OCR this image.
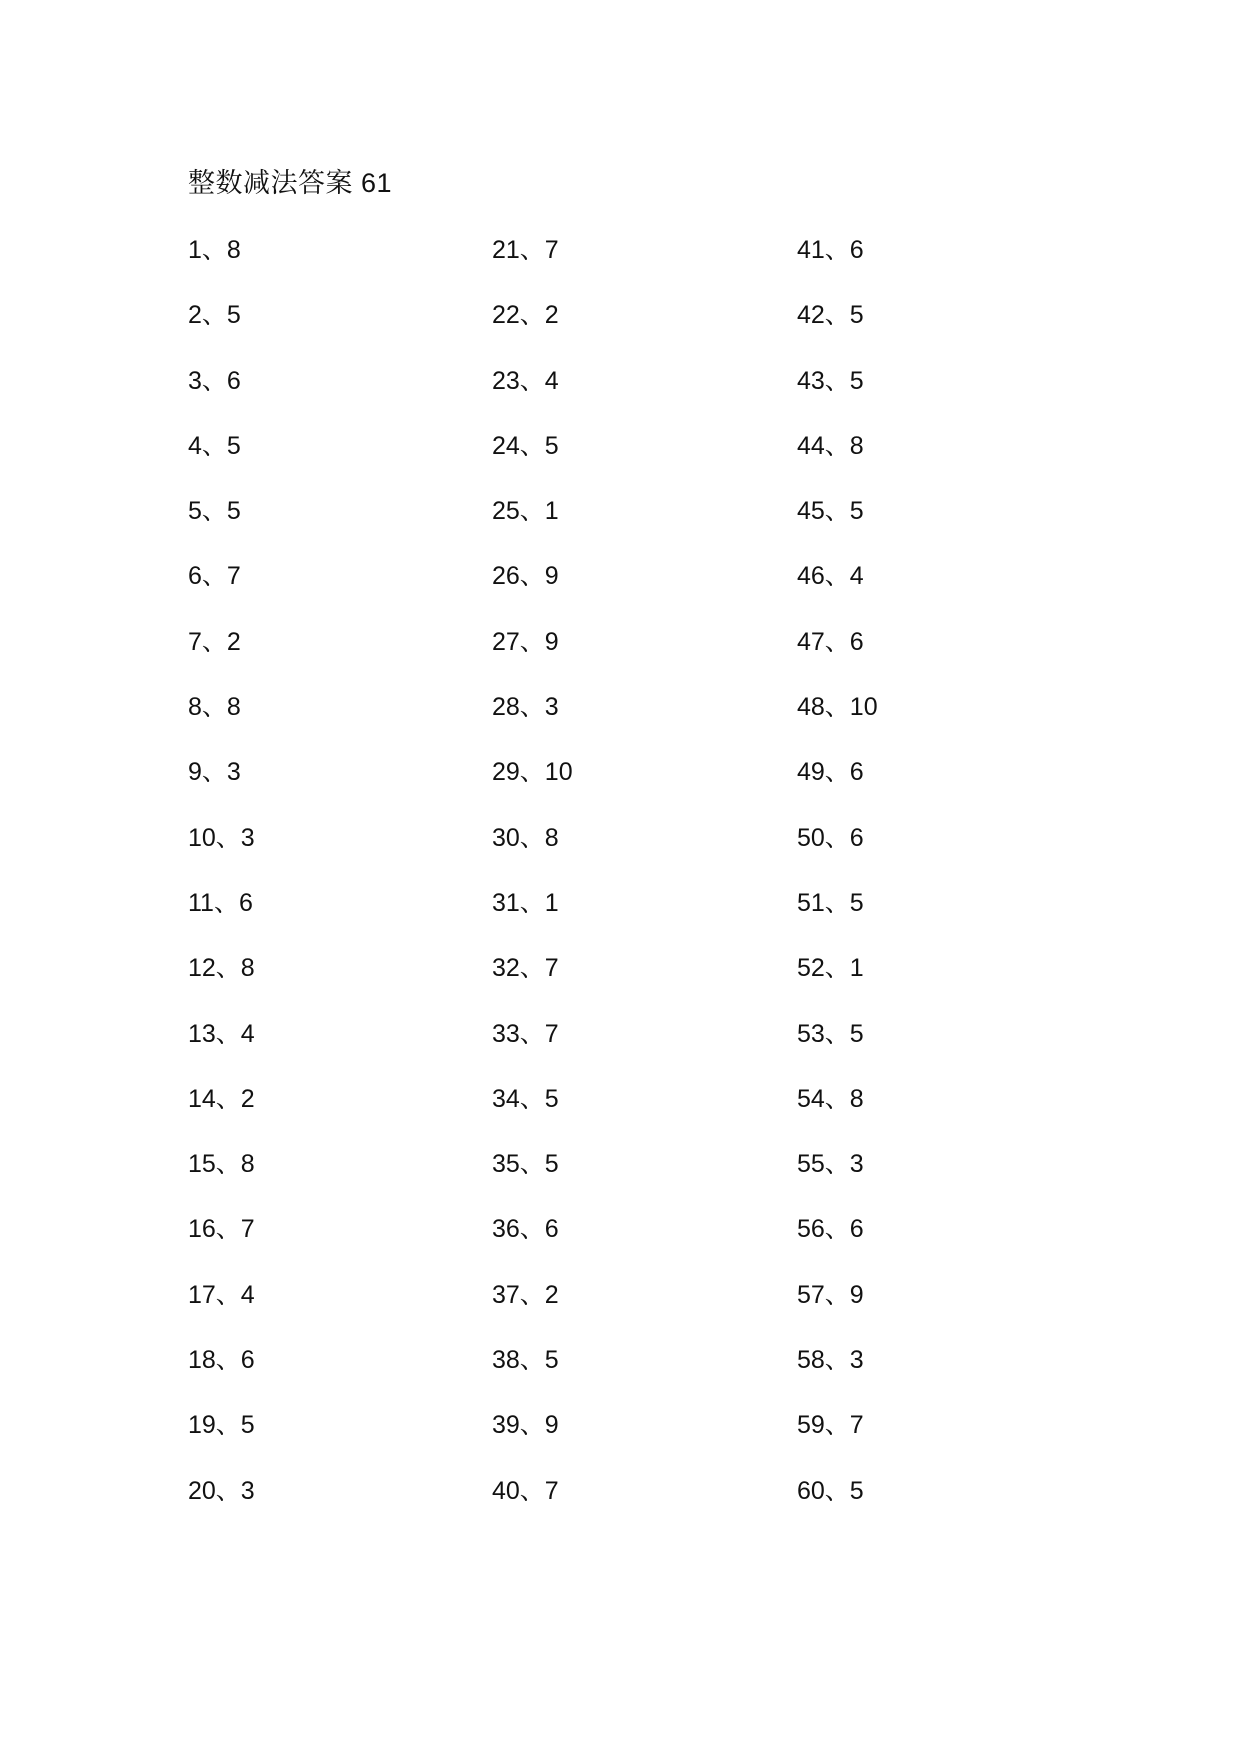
整数减法答案 61
1、8
2、5
3、6
4、5
5、5
6、7
7、2
8、8
9、3
10、3
11、6
12、8
13、4
14、2
15、8
16、7
17、4
18、6
19、5
20、3
21、7
22、2
23、4
24、5
25、1
26、9
27、9
28、3
29、10
30、8
31、1
32、7
33、7
34、5
35、5
36、6
37、2
38、5
39、9
40、7
41、6
42、5
43、5
44、8
45、5
46、4
47、6
48、10
49、6
50、6
51、5
52、1
53、5
54、8
55、3
56、6
57、9
58、3
59、7
60、5
